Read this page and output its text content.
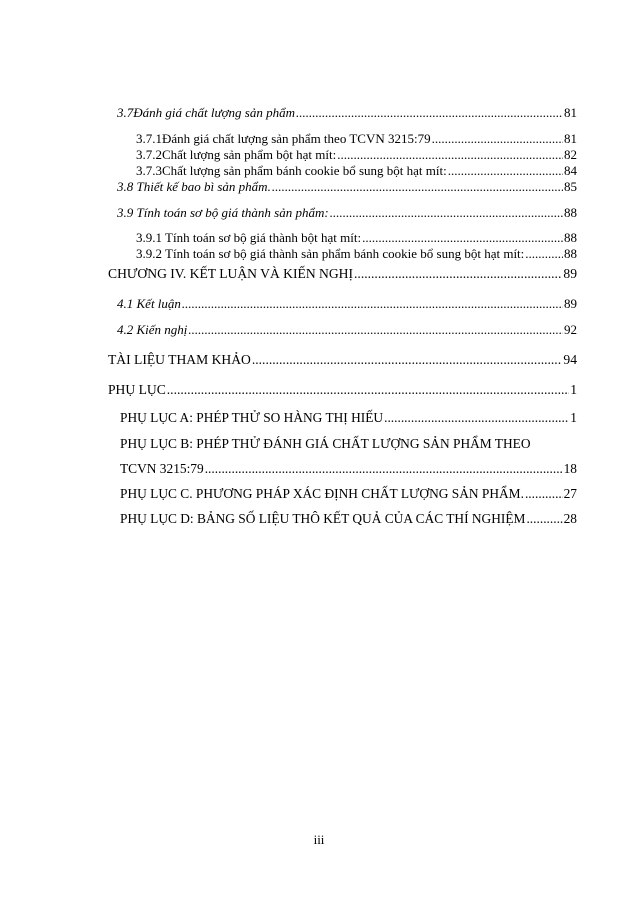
3.7 Đánh giá chất lượng sản phẩm .....	81
3.7.1 Đánh giá chất lượng sản phẩm theo TCVN 3215:79 .....	81
3.7.2 Chất lượng sản phẩm bột hạt mít: .....	82
3.7.3 Chất lượng sản phẩm bánh cookie bổ sung bột hạt mít: .....	84
3.8 Thiết kế bao bì sản phẩm. .....	85
3.9 Tính toán sơ bộ giá thành sản phẩm: .....	88
3.9.1 Tính toán sơ bộ giá thành bột hạt mít: .....	88
3.9.2 Tính toán sơ bộ giá thành sản phẩm bánh cookie bổ sung bột hạt mít: .....	88
CHƯƠNG IV. KẾT LUẬN VÀ KIẾN NGHỊ .....	89
4.1 Kết luận .....	89
4.2 Kiến nghị .....	92
TÀI LIỆU THAM KHẢO .....	94
PHỤ LỤC .....	1
PHỤ LỤC A: PHÉP THỬ SO HÀNG THỊ HIẾU .....	1
PHỤ LỤC B: PHÉP THỬ ĐÁNH GIÁ CHẤT LƯỢNG SẢN PHẨM THEO
TCVN 3215:79 .....	18
PHỤ LỤC C. PHƯƠNG PHÁP XÁC ĐỊNH CHẤT LƯỢNG SẢN PHẨM. .....	27
PHỤ LỤC D: BẢNG SỐ LIỆU THÔ KẾT QUẢ CỦA CÁC THÍ NGHIỆM .....	28
iii
